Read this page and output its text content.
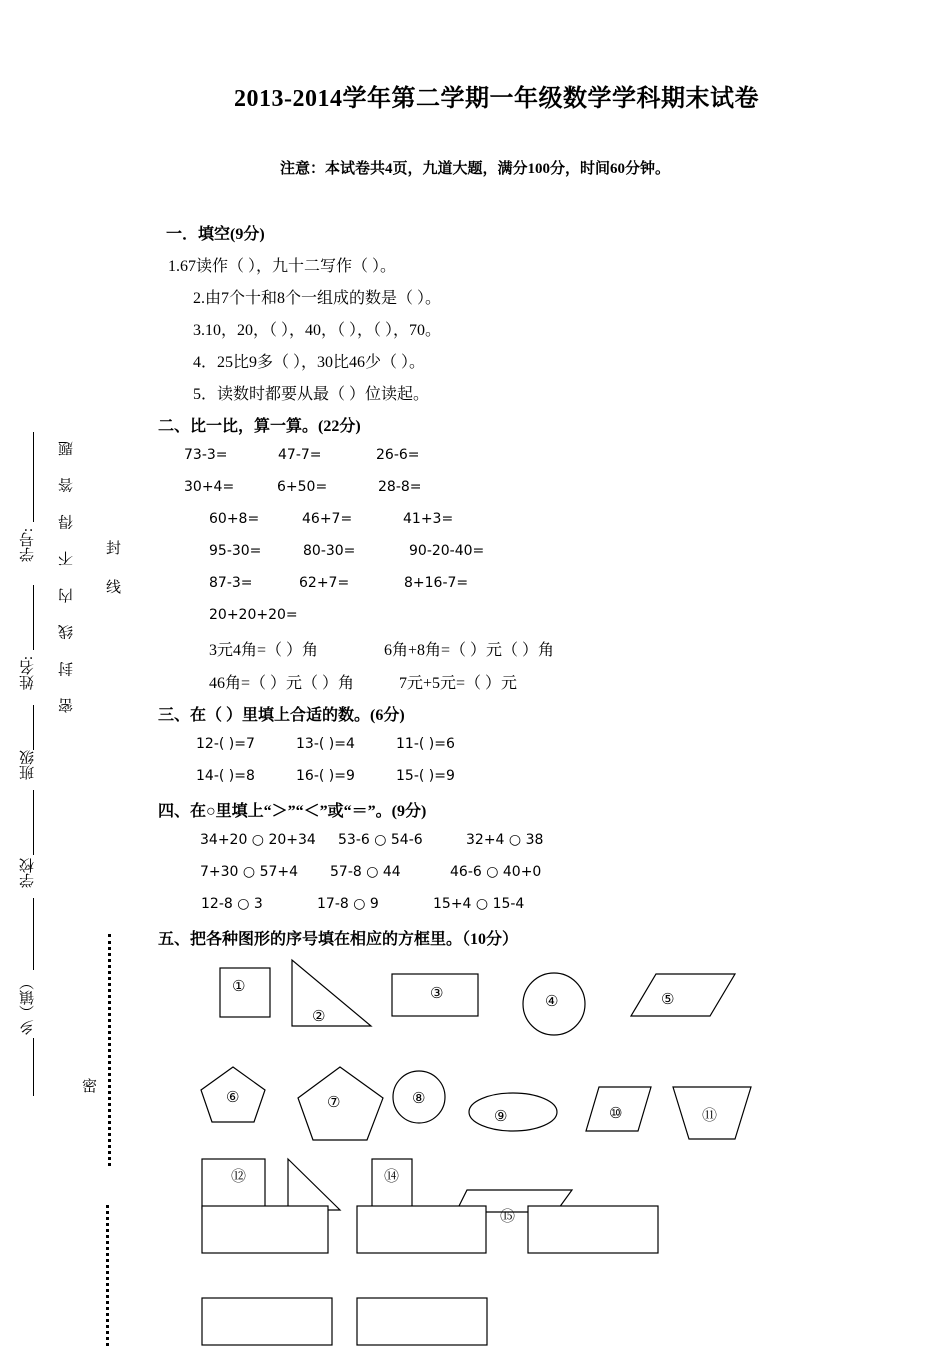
2013-2014学年第二学期一年级数学学科期末试卷
注意：本试卷共4页，九道大题，满分100分，时间60分钟。
学号:
姓名:
班级
学校
乡（镇）
密 封 线 内 不 得 答 题 封 线
密
一．填空(9分)
1.67读作（ ），九十二写作（ ）。
2.由7个十和8个一组成的数是（ ）。
3.10，20，（ ），40，（ ），（ ），70。
4．25比9多（ ），30比46少（ ）。
5．读数时都要从最（ ）位读起。
二、比一比，算一算。(22分)
73-3=	47-7=	26-6=
30+4=	6+50=	28-8=
60+8=	46+7=	41+3=
95-30=	80-30=	90-20-40=
87-3=	62+7=	8+16-7=
20+20+20=
3元4角=（ ）角	6角+8角=（ ）元（ ）角
46角=（ ）元（ ）角	7元+5元=（ ）元
三、在（ ）里填上合适的数。(6分)
12-( )=7	13-( )=4	11-( )=6
14-( )=8	16-( )=9	15-( )=9
四、在○里填上“＞”“＜”或“＝”。(9分)
34+20 ○ 20+34 53-6 ○ 54-6	32+4 ○ 38
7+30 ○ 57+4 57-8 ○ 44	46-6 ○ 40+0
12-8 ○ 3	17-8 ○ 9	15+4 ○ 15-4
五、把各种图形的序号填在相应的方框里。（10分）
①
②
③	④	⑤
⑥	⑦	⑧
⑨	⑩	⑪
⑫	⑭
⑮
